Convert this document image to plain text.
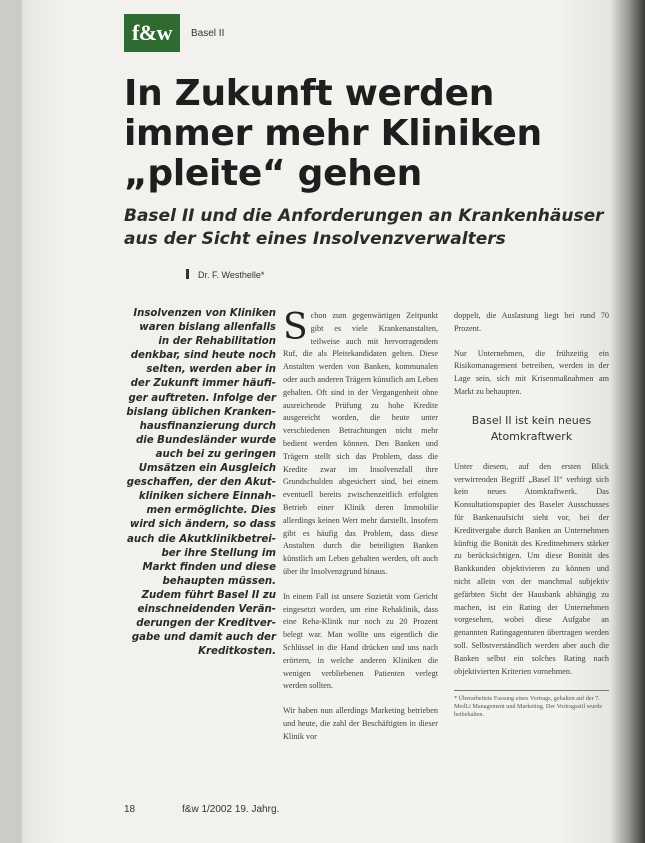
f&w	Basel II
In Zukunft werden
immer mehr Kliniken
„pleite“ gehen
Basel II und die Anforderungen an Krankenhäuser
aus der Sicht eines Insolvenzverwalters
Dr. F. Westhelle*
Insolvenzen von Kliniken
waren bislang allenfalls
in der Rehabilitation
denkbar, sind heute noch
selten, werden aber in
der Zukunft immer häufi-
ger auftreten. Infolge der
bislang üblichen Kranken-
hausfinanzierung durch
die Bundesländer wurde
auch bei zu geringen
Umsätzen ein Ausgleich
geschaffen, der den Akut-
kliniken sichere Einnah-
men ermöglichte. Dies
wird sich ändern, so dass
auch die Akutklinikbetrei-
ber ihre Stellung im
Markt finden und diese
behaupten müssen.
Zudem führt Basel II zu
einschneidenden Verän-
derungen der Kreditver-
gabe und damit auch der
Kreditkosten.

Schon zum gegenwärtigen Zeitpunkt gibt es viele Krankenanstalten, teilweise auch mit hervorragendem Ruf, die als Pleitekandidaten gelten. Diese Anstalten werden von Banken, kommunalen oder auch anderen Trägern künstlich am Leben gehalten. Oft sind in der Vergangenheit ohne ausreichende Prüfung zu hohe Kredite ausgereicht worden, die heute unter verschiedenen Betrachtungen nicht mehr bedient werden können. Den Banken und Trägern stellt sich das Problem, dass die Kredite zwar im Insolvenzfall ihre Grundschulden abgesichert sind, bei einem eventuell bereits zwischenzeitlich erfolgten Betrieb einer Klinik deren Immobilie allerdings keinen Wert mehr darstellt. Insofern gibt es häufig das Problem, dass diese Anstalten durch die beteiligten Banken künstlich am Leben gehalten werden, oft auch über ihr Insolvenzgrund hinaus.

In einem Fall ist unsere Sozietät vom Gericht eingesetzt worden, um eine Rehaklinik, dass eine Reha-Klinik nur noch zu 20 Prozent belegt war. Man wollte uns eigentlich die Schlüssel in die Hand drücken und uns nach erörtern, in welche anderen Kliniken die wenigen verbliebenen Patienten verlegt werden sollten.

Wir haben nun allerdings Marketing betrieben und heute, die zahl der Beschäftigten in dieser Klinik vor

doppelt, die Auslastung liegt bei rund 70 Prozent.

Nur Unternehmen, die frühzeitig ein Risikomanagement betreiben, werden in der Lage sein, sich mit Krisenmaßnahmen am Markt zu behaupten.

Basel II ist kein neues
Atomkraftwerk

Unter diesem, auf den ersten Blick verwirrenden Begriff „Basel II“ verbirgt sich kein neues Atomkraftwerk. Das Konsultationspapier des Baseler Ausschusses für Bankenaufsicht sieht vor, bei der Kreditvergabe durch Banken an Unternehmen künftig die Bonität des Kreditnehmers stärker zu berücksichtigen. Um diese Bonität des Bankkunden objektivieren zu können und nicht allein von der manchmal subjektiv gefärbten Sicht der Hausbank abhängig zu machen, ist ein Rating der Unternehmen vorgesehen, wobei diese Aufgabe an genannten Ratingagenturen übertragen werden soll. Selbstverständlich werden aber auch die Banken selbst ein solches Rating nach objektivierten Kriterien vornehmen.

* Überarbeitete Fassung eines Vortrags, gehalten auf der 7. MedLi Management und Marketing. Der Vortragsstil wurde beibehalten.
18	f&w 1/2002 19. Jahrg.
